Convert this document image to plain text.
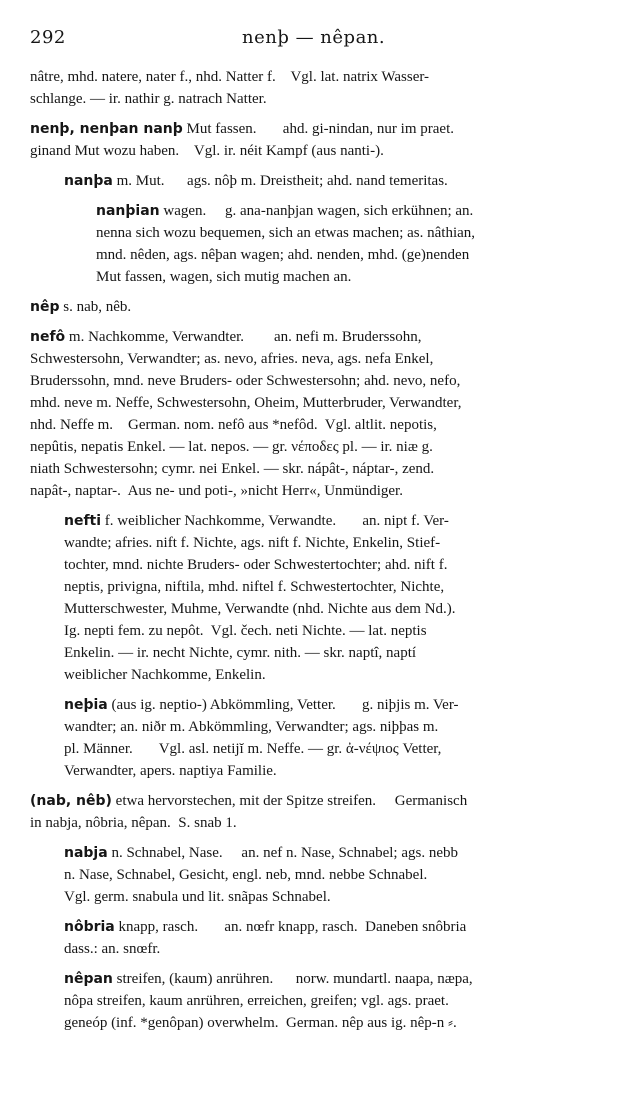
292	nenþ — nêpan.
nâtre, mhd. natere, nater f., nhd. Natter f.    Vgl. lat. natrix Wasser-
schlange. — ir. nathir g. natrach Natter.
nenþ, nenþan nanþ Mut fassen.       ahd. gi-nindan, nur im praet.
ginand Mut wozu haben.    Vgl. ir. néit Kampf (aus nanti-).
nanþa m. Mut.      ags. nôþ m. Dreistheit; ahd. nand temeritas.
nanþian wagen.     g. ana-nanþjan wagen, sich erkühnen; an.
nenna sich wozu bequemen, sich an etwas machen; as. nâthian,
mnd. nêden, ags. nêþan wagen; ahd. nenden, mhd. (ge)nenden
Mut fassen, wagen, sich mutig machen an.
nêp s. nab, nêb.
nefô m. Nachkomme, Verwandter.        an. nefi m. Bruderssohn,
Schwestersohn, Verwandter; as. nevo, afries. neva, ags. nefa Enkel,
Bruderssohn, mnd. neve Bruders- oder Schwestersohn; ahd. nevo, nefo,
mhd. neve m. Neffe, Schwestersohn, Oheim, Mutterbruder, Verwandter,
nhd. Neffe m.    German. nom. nefô aus *nefôd.  Vgl. altlit. nepotis,
nepûtis, nepatis Enkel. — lat. nepos. — gr. νέποδες pl. — ir. niæ g.
niath Schwestersohn; cymr. nei Enkel. — skr. nápât-, náptar-, zend.
napât-, naptar-.  Aus ne- und poti-, »nicht Herr«, Unmündiger.
nefti f. weiblicher Nachkomme, Verwandte.       an. nipt f. Ver-
wandte; afries. nift f. Nichte, ags. nift f. Nichte, Enkelin, Stief-
tochter, mnd. nichte Bruders- oder Schwestertochter; ahd. nift f.
neptis, privigna, niftila, mhd. niftel f. Schwestertochter, Nichte,
Mutterschwester, Muhme, Verwandte (nhd. Nichte aus dem Nd.).
Ig. nepti fem. zu nepôt.  Vgl. čech. neti Nichte. — lat. neptis
Enkelin. — ir. necht Nichte, cymr. nith. — skr. naptî, naptí
weiblicher Nachkomme, Enkelin.
neþia (aus ig. neptio-) Abkömmling, Vetter.       g. niþjis m. Ver-
wandter; an. niðr m. Abkömmling, Verwandter; ags. niþþas m.
pl. Männer.       Vgl. asl. netijĭ m. Neffe. — gr. ἀ-νέψιος Vetter,
Verwandter, apers. naptiya Familie.
(nab, nêb) etwa hervorstechen, mit der Spitze streifen.     Germanisch
in nabja, nôbria, nêpan.  S. snab 1.
nabja n. Schnabel, Nase.     an. nef n. Nase, Schnabel; ags. nebb
n. Nase, Schnabel, Gesicht, engl. neb, mnd. nebbe Schnabel.
Vgl. germ. snabula und lit. snãpas Schnabel.
nôbria knapp, rasch.       an. nœfr knapp, rasch.  Daneben snôbria
dass.: an. snœfr.
nêpan streifen, (kaum) anrühren.      norw. mundartl. naapa, næpa,
nôpa streifen, kaum anrühren, erreichen, greifen; vgl. ags. praet.
geneóp (inf. *genôpan) overwhelm.  German. nêp aus ig. nêp-n ⸗.
